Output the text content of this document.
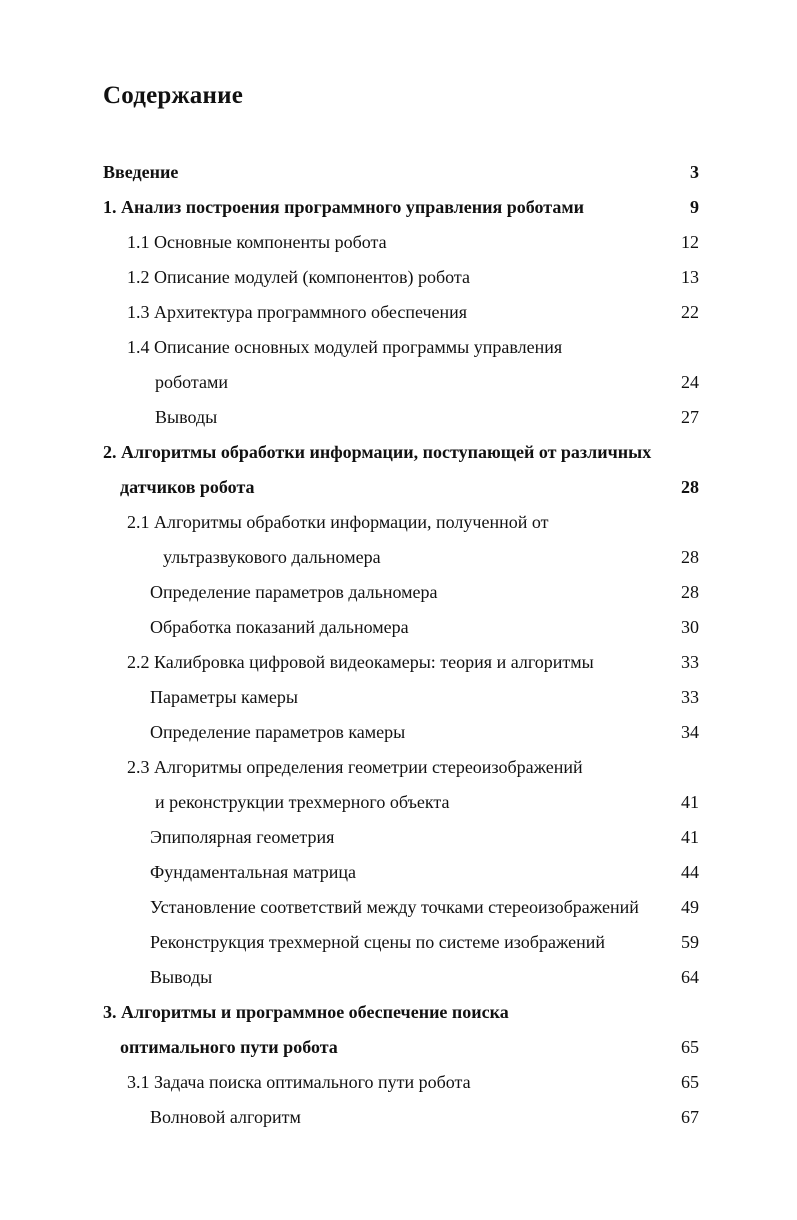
Содержание
Введение	3
1. Анализ построения программного управления роботами	9
1.1 Основные компоненты робота	12
1.2 Описание модулей (компонентов) робота	13
1.3 Архитектура программного обеспечения	22
1.4 Описание основных модулей программы управления
роботами	24
Выводы	27
2. Алгоритмы обработки информации, поступающей от различных
датчиков робота	28
2.1 Алгоритмы обработки информации, полученной от
ультразвукового дальномера	28
Определение параметров дальномера	28
Обработка показаний дальномера	30
2.2 Калибровка цифровой видеокамеры: теория и алгоритмы	33
Параметры камеры	33
Определение параметров камеры	34
2.3 Алгоритмы определения геометрии стереоизображений
и реконструкции трехмерного объекта	41
Эпиполярная геометрия	41
Фундаментальная матрица	44
Установление соответствий между точками стереоизображений 49
Реконструкция трехмерной сцены по системе изображений	59
Выводы	64
3. Алгоритмы и программное обеспечение поиска
оптимального пути робота	65
3.1 Задача поиска оптимального пути робота	65
Волновой алгоритм	67
